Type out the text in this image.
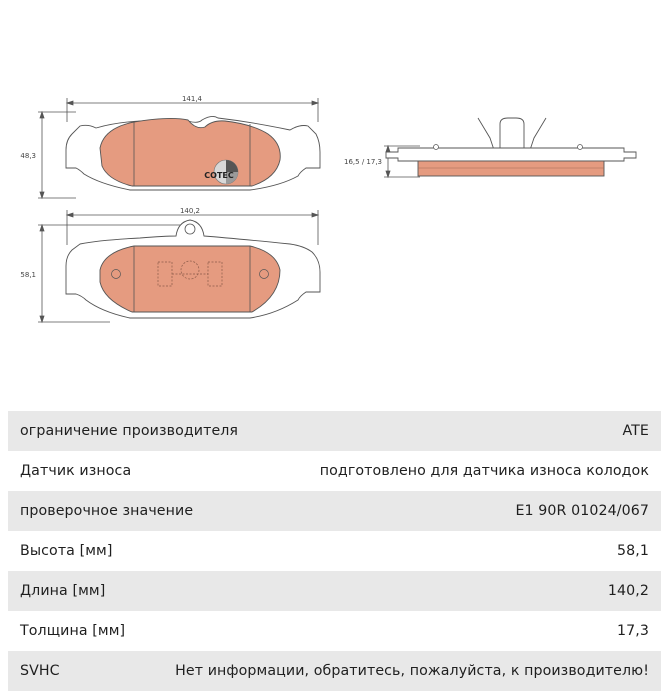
141,4
48,3
COTEC
140,2
58,1
16,5 / 17,3
ограничение производителя	ATE
Датчик износа	подготовлено для датчика износа колодок
проверочное значение	E1 90R 01024/067
Высота [мм]	58,1
Длина [мм]	140,2
Толщина [мм]	17,3
SVHC	Нет информации, обратитесь, пожалуйста, к производителю!
